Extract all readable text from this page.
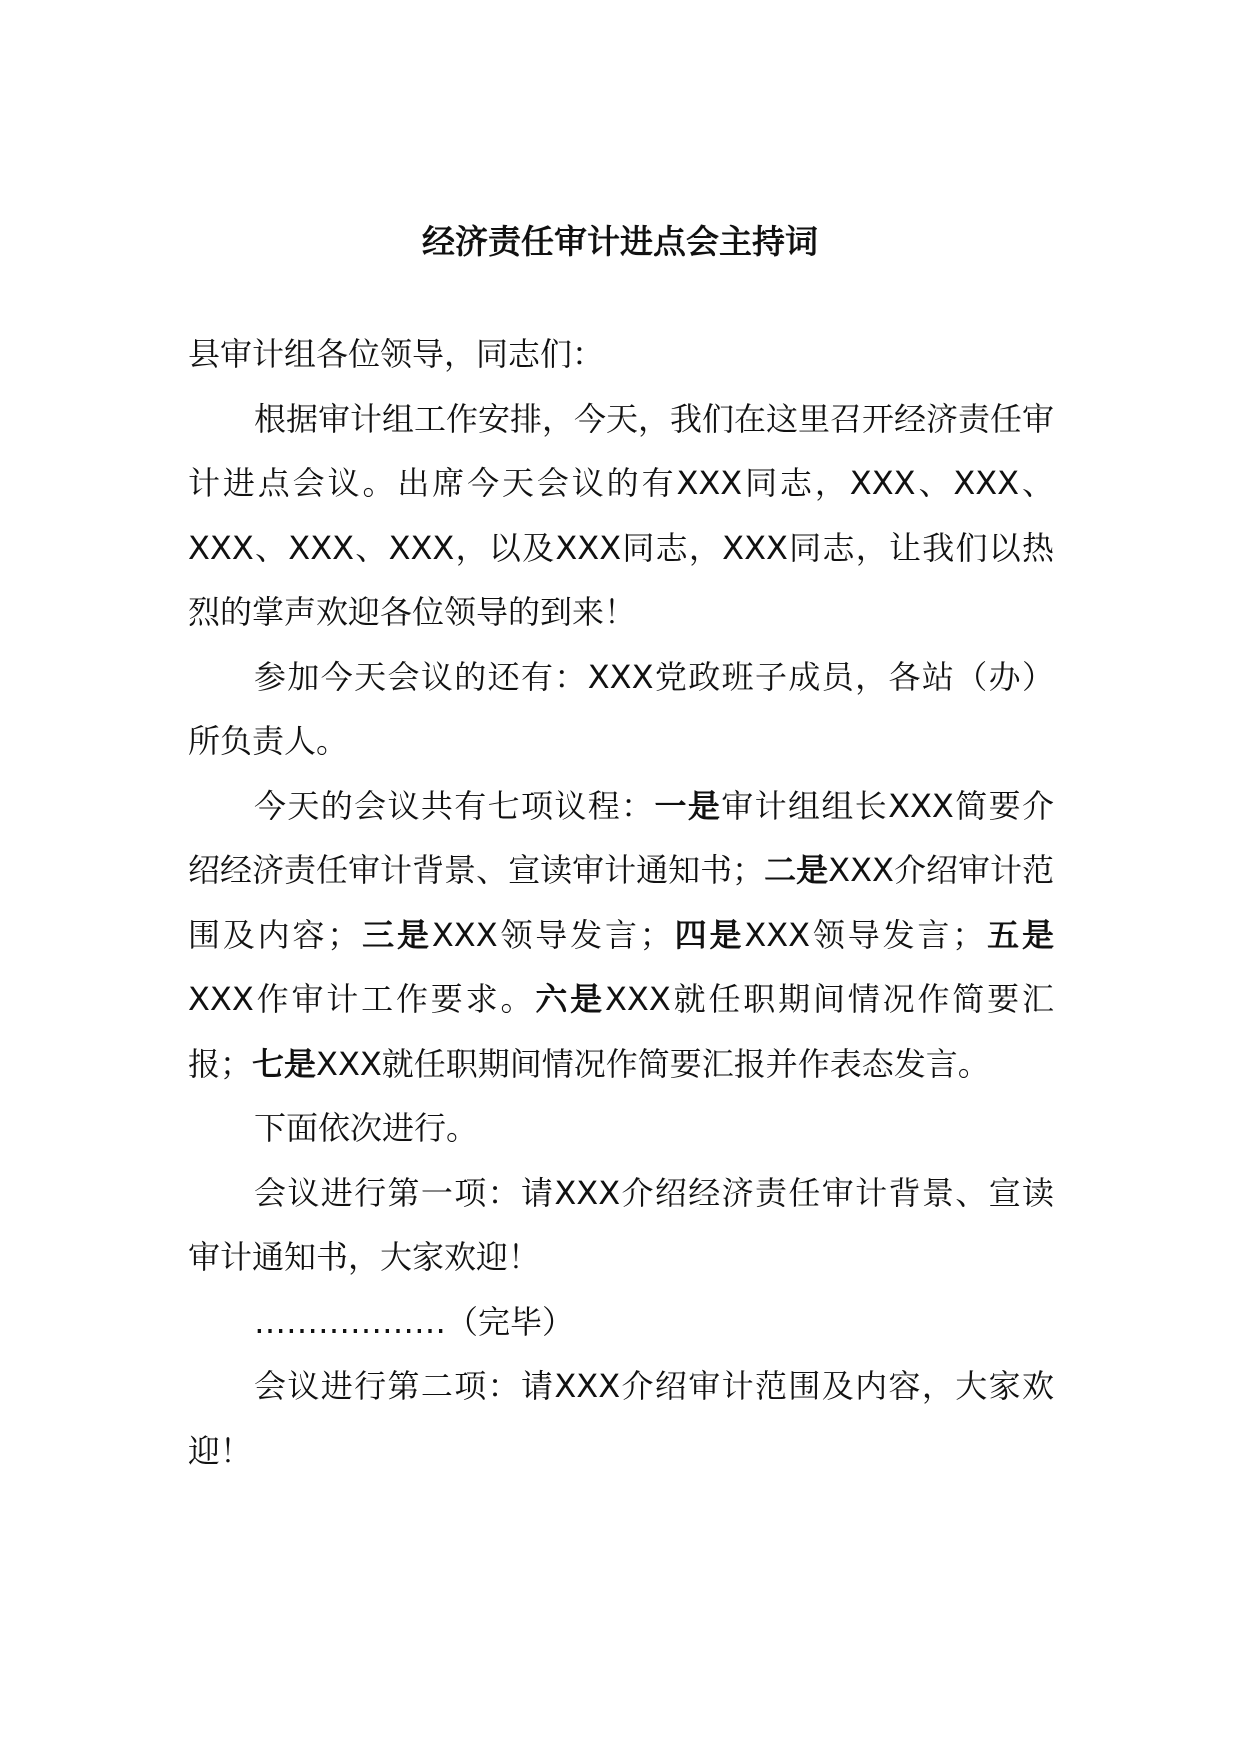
经济责任审计进点会主持词

县审计组各位领导，同志们：

根据审计组工作安排，今天，我们在这里召开经济责任审计进点会议。出席今天会议的有XXX同志，XXX、XXX、XXX、XXX、XXX，以及XXX同志，XXX同志，让我们以热烈的掌声欢迎各位领导的到来！

参加今天会议的还有：XXX党政班子成员，各站（办）所负责人。

今天的会议共有七项议程：一是审计组组长XXX简要介绍经济责任审计背景、宣读审计通知书；二是XXX介绍审计范围及内容；三是XXX领导发言；四是XXX领导发言；五是XXX作审计工作要求。六是XXX就任职期间情况作简要汇报；七是XXX就任职期间情况作简要汇报并作表态发言。

下面依次进行。

会议进行第一项：请XXX介绍经济责任审计背景、宣读审计通知书，大家欢迎！

………………（完毕）

会议进行第二项：请XXX介绍审计范围及内容，大家欢迎！
